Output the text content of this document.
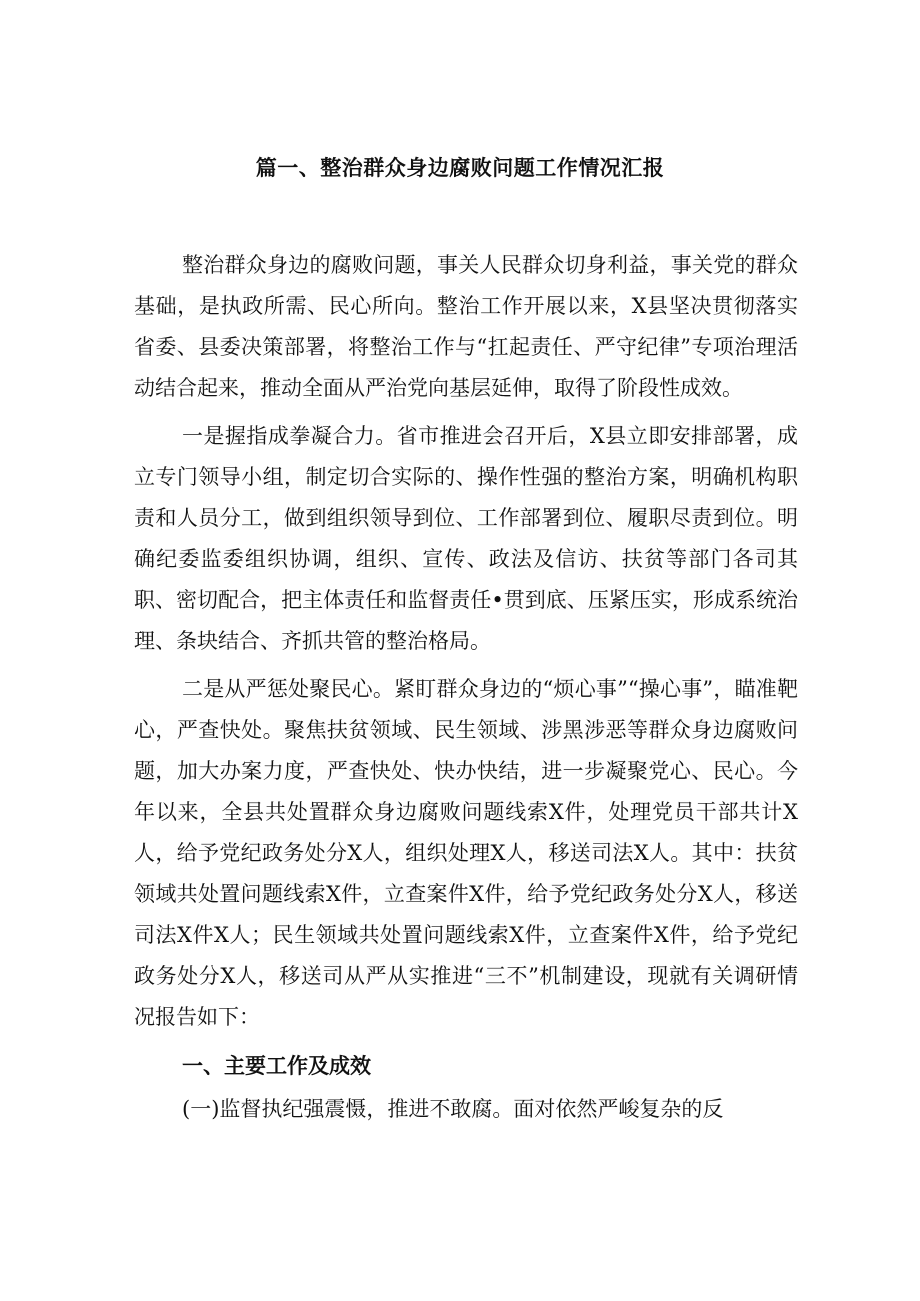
篇一、整治群众身边腐败问题工作情况汇报

整治群众身边的腐败问题，事关人民群众切身利益，事关党的群众基础，是执政所需、民心所向。整治工作开展以来，X县坚决贯彻落实省委、县委决策部署，将整治工作与“扛起责任、严守纪律”专项治理活动结合起来，推动全面从严治党向基层延伸，取得了阶段性成效。

一是握指成拳凝合力。省市推进会召开后，X县立即安排部署，成立专门领导小组，制定切合实际的、操作性强的整治方案，明确机构职责和人员分工，做到组织领导到位、工作部署到位、履职尽责到位。明确纪委监委组织协调，组织、宣传、政法及信访、扶贫等部门各司其职、密切配合，把主体责任和监督责任•贯到底、压紧压实，形成系统治理、条块结合、齐抓共管的整治格局。

二是从严惩处聚民心。紧盯群众身边的“烦心事”“操心事”，瞄准靶心，严查快处。聚焦扶贫领域、民生领域、涉黑涉恶等群众身边腐败问题，加大办案力度，严查快处、快办快结，进一步凝聚党心、民心。今年以来，全县共处置群众身边腐败问题线索X件，处理党员干部共计X人，给予党纪政务处分X人，组织处理X人，移送司法X人。其中：扶贫领域共处置问题线索X件，立查案件X件，给予党纪政务处分X人，移送司法X件X人；民生领域共处置问题线索X件，立查案件X件，给予党纪政务处分X人，移送司从严从实推进“三不”机制建设，现就有关调研情况报告如下：

一、主要工作及成效

(一)监督执纪强震慑，推进不敢腐。面对依然严峻复杂的反
